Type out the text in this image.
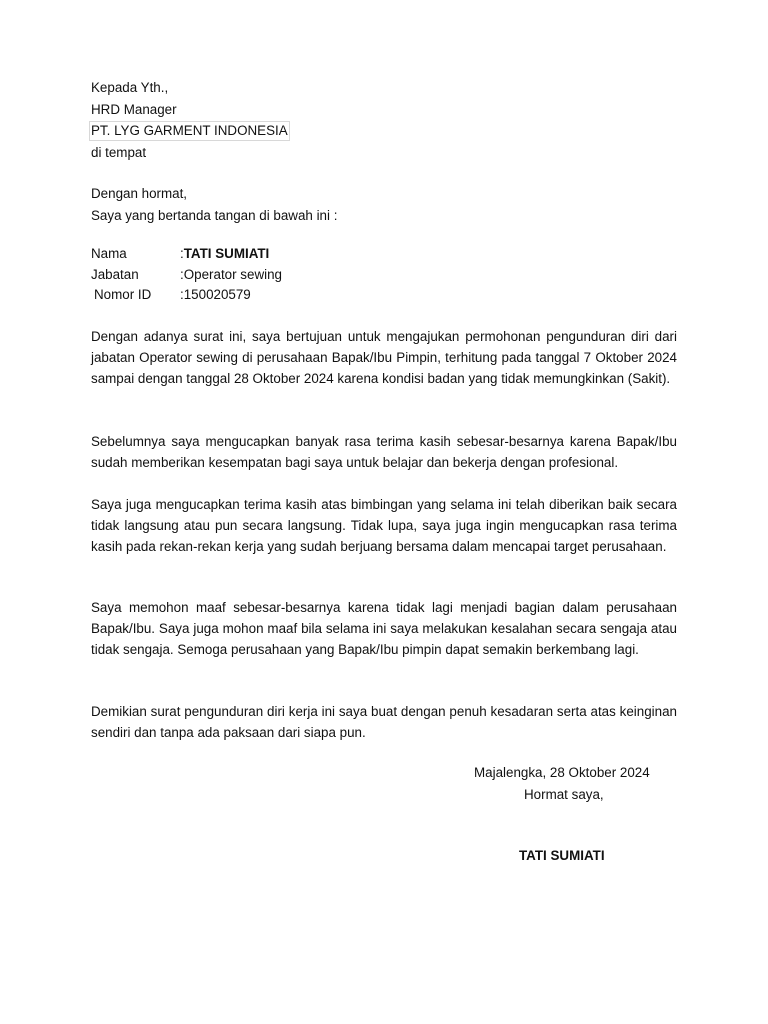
Kepada Yth.,
HRD Manager
PT. LYG GARMENT INDONESIA
di tempat
Dengan hormat,
Saya yang bertanda tangan di bawah ini :
Nama	: TATI SUMIATI
Jabatan	: Operator sewing
Nomor ID	: 150020579
Dengan adanya surat ini, saya bertujuan untuk mengajukan permohonan pengunduran diri dari jabatan Operator sewing di perusahaan Bapak/Ibu Pimpin, terhitung pada tanggal 7 Oktober 2024 sampai dengan tanggal 28 Oktober 2024 karena kondisi badan yang tidak memungkinkan (Sakit).
Sebelumnya saya mengucapkan banyak rasa terima kasih sebesar-besarnya karena Bapak/Ibu sudah memberikan kesempatan bagi saya untuk belajar dan bekerja dengan profesional.
Saya juga mengucapkan terima kasih atas bimbingan yang selama ini telah diberikan baik secara tidak langsung atau pun secara langsung. Tidak lupa, saya juga ingin mengucapkan rasa terima kasih pada rekan-rekan kerja yang sudah berjuang bersama dalam mencapai target perusahaan.
Saya memohon maaf sebesar-besarnya karena tidak lagi menjadi bagian dalam perusahaan Bapak/Ibu. Saya juga mohon maaf bila selama ini saya melakukan kesalahan secara sengaja atau tidak sengaja. Semoga perusahaan yang Bapak/Ibu pimpin dapat semakin berkembang lagi.
Demikian surat pengunduran diri kerja ini saya buat dengan penuh kesadaran serta atas keinginan sendiri dan tanpa ada paksaan dari siapa pun.
Majalengka, 28 Oktober 2024
Hormat saya,
TATI SUMIATI
